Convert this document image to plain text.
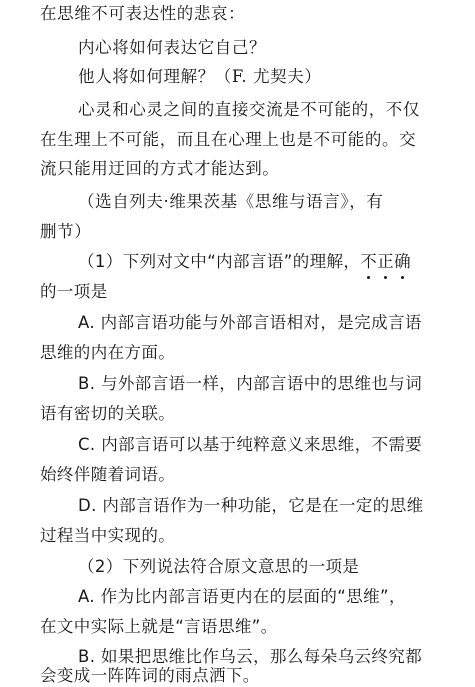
在思维不可表达性的悲哀：
内心将如何表达它自己？
他人将如何理解？（F. 尤契夫）
心灵和心灵之间的直接交流是不可能的，不仅
在生理上不可能，而且在心理上也是不可能的。交
流只能用迂回的方式才能达到。
（选自列夫·维果茨基《思维与语言》，有
删节）
（1）下列对文中“内部言语”的理解，不正确
的一项是
A. 内部言语功能与外部言语相对，是完成言语
思维的内在方面。
B. 与外部言语一样，内部言语中的思维也与词
语有密切的关联。
C. 内部言语可以基于纯粹意义来思维，不需要
始终伴随着词语。
D. 内部言语作为一种功能，它是在一定的思维
过程当中实现的。
（2）下列说法符合原文意思的一项是
A. 作为比内部言语更内在的层面的“思维”，
在文中实际上就是“言语思维”。
B. 如果把思维比作乌云，那么每朵乌云终究都
会变成一阵阵词的雨点洒下。
